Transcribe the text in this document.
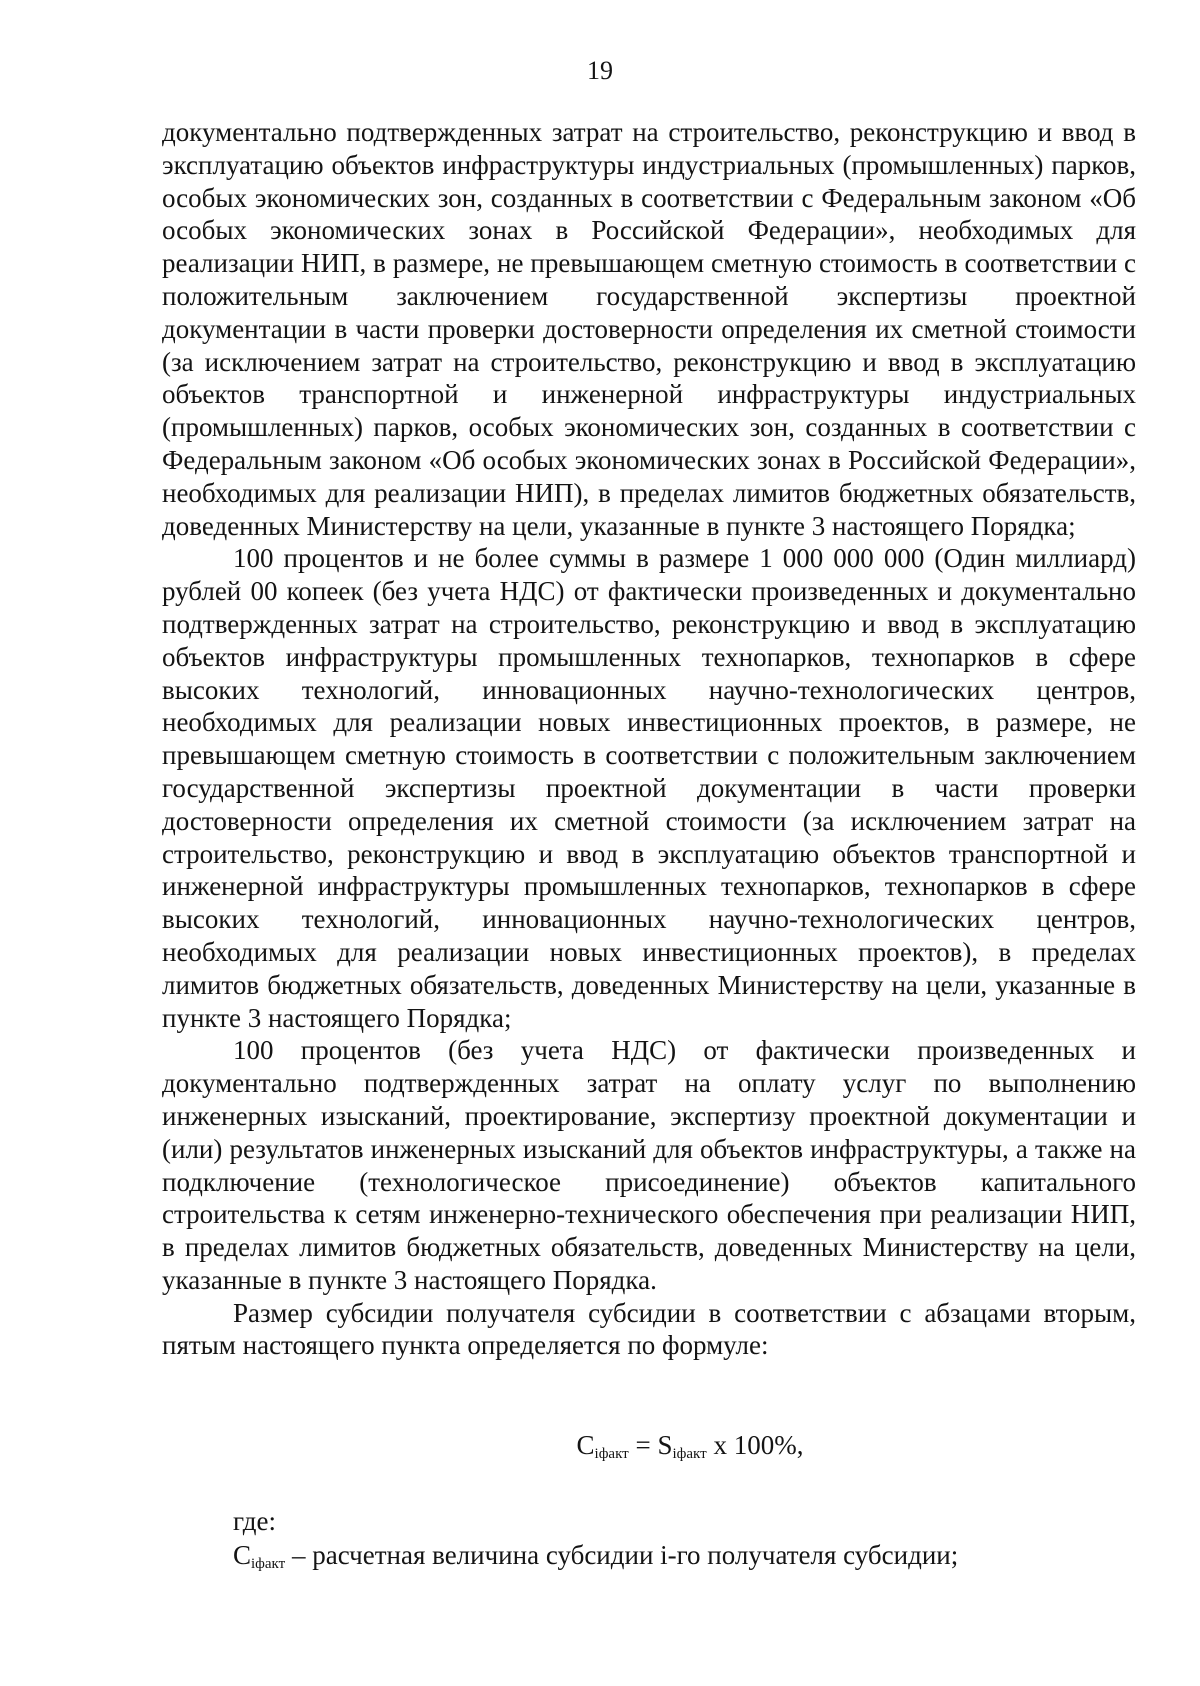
19

документально подтвержденных затрат на строительство, реконструкцию и ввод в эксплуатацию объектов инфраструктуры индустриальных (промышленных) парков, особых экономических зон, созданных в соответствии с Федеральным законом «Об особых экономических зонах в Российской Федерации», необходимых для реализации НИП, в размере, не превышающем сметную стоимость в соответствии с положительным заключением государственной экспертизы проектной документации в части проверки достоверности определения их сметной стоимости (за исключением затрат на строительство, реконструкцию и ввод в эксплуатацию объектов транспортной и инженерной инфраструктуры индустриальных (промышленных) парков, особых экономических зон, созданных в соответствии с Федеральным законом «Об особых экономических зонах в Российской Федерации», необходимых для реализации НИП), в пределах лимитов бюджетных обязательств, доведенных Министерству на цели, указанные в пункте 3 настоящего Порядка;

100 процентов и не более суммы в размере 1 000 000 000 (Один миллиард) рублей 00 копеек (без учета НДС) от фактически произведенных и документально подтвержденных затрат на строительство, реконструкцию и ввод в эксплуатацию объектов инфраструктуры промышленных технопарков, технопарков в сфере высоких технологий, инновационных научно-технологических центров, необходимых для реализации новых инвестиционных проектов, в размере, не превышающем сметную стоимость в соответствии с положительным заключением государственной экспертизы проектной документации в части проверки достоверности определения их сметной стоимости (за исключением затрат на строительство, реконструкцию и ввод в эксплуатацию объектов транспортной и инженерной инфраструктуры промышленных технопарков, технопарков в сфере высоких технологий, инновационных научно-технологических центров, необходимых для реализации новых инвестиционных проектов), в пределах лимитов бюджетных обязательств, доведенных Министерству на цели, указанные в пункте 3 настоящего Порядка;

100 процентов (без учета НДС) от фактически произведенных и документально подтвержденных затрат на оплату услуг по выполнению инженерных изысканий, проектирование, экспертизу проектной документации и (или) результатов инженерных изысканий для объектов инфраструктуры, а также на подключение (технологическое присоединение) объектов капитального строительства к сетям инженерно-технического обеспечения при реализации НИП, в пределах лимитов бюджетных обязательств, доведенных Министерству на цели, указанные в пункте 3 настоящего Порядка.

Размер субсидии получателя субсидии в соответствии с абзацами вторым, пятым настоящего пункта определяется по формуле:

$C_{iфакт} = S_{iфакт}$ x 100%,
где:
$C_{iфакт}$ – расчетная величина субсидии i-го получателя субсидии;
